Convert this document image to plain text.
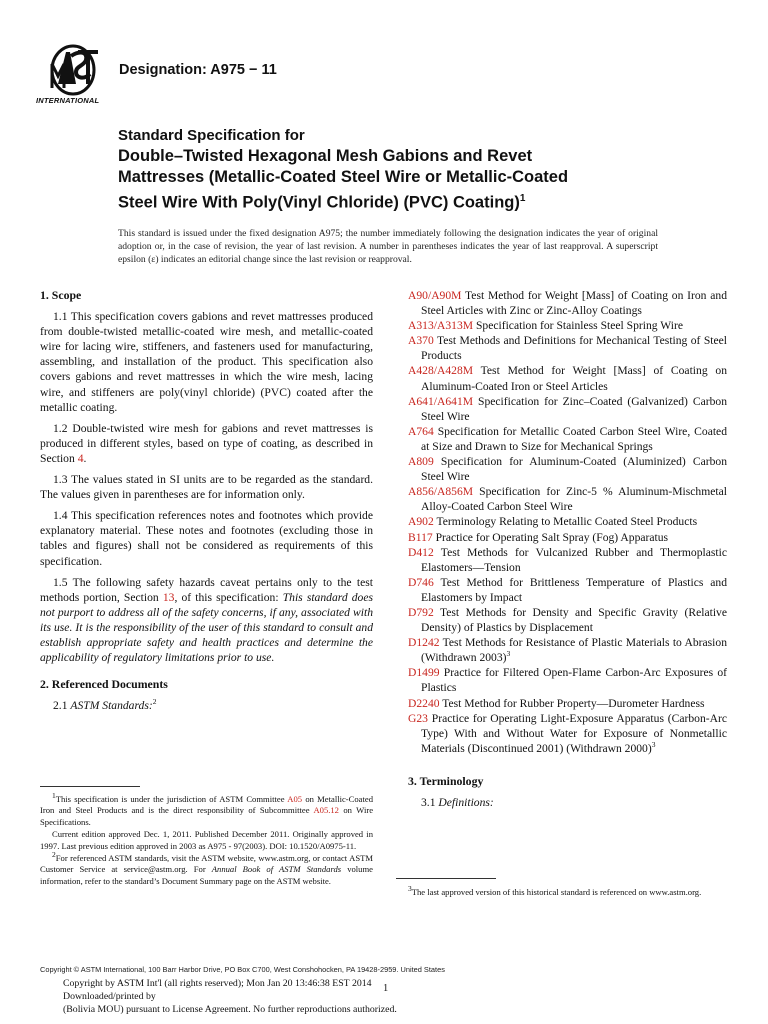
INTERNATIONAL
Designation: A975 − 11
Standard Specification for
Double–Twisted Hexagonal Mesh Gabions and Revet
Mattresses (Metallic-Coated Steel Wire or Metallic-Coated
Steel Wire With Poly(Vinyl Chloride) (PVC) Coating)$^1$
This standard is issued under the fixed designation A975; the number immediately following the designation indicates the year of original adoption or, in the case of revision, the year of last revision. A number in parentheses indicates the year of last reapproval. A superscript epsilon (ε) indicates an editorial change since the last revision or reapproval.
1. Scope

1.1 This specification covers gabions and revet mattresses produced from double-twisted metallic-coated wire mesh, and metallic-coated wire for lacing wire, stiffeners, and fasteners used for manufacturing, assembling, and installation of the product. This specification also covers gabions and revet mattresses in which the wire mesh, lacing wire, and stiffeners are poly(vinyl chloride) (PVC) coated after the metallic coating.

1.2 Double-twisted wire mesh for gabions and revet mattresses is produced in different styles, based on type of coating, as described in Section 4.

1.3 The values stated in SI units are to be regarded as the standard. The values given in parentheses are for information only.

1.4 This specification references notes and footnotes which provide explanatory material. These notes and footnotes (excluding those in tables and figures) shall not be considered as requirements of this specification.

1.5 The following safety hazards caveat pertains only to the test methods portion, Section 13, of this specification: This standard does not purport to address all of the safety concerns, if any, associated with its use. It is the responsibility of the user of this standard to consult and establish appropriate safety and health practices and determine the applicability of regulatory limitations prior to use.

2. Referenced Documents

2.1 ASTM Standards:$^2$

1This specification is under the jurisdiction of ASTM Committee A05 on Metallic-Coated Iron and Steel Products and is the direct responsibility of Subcommittee A05.12 on Wire Specifications.
Current edition approved Dec. 1, 2011. Published December 2011. Originally approved in 1997. Last previous edition approved in 2003 as A975 - 97(2003). DOI: 10.1520/A0975-11.
2For referenced ASTM standards, visit the ASTM website, www.astm.org, or contact ASTM Customer Service at service@astm.org. For Annual Book of ASTM Standards volume information, refer to the standard’s Document Summary page on the ASTM website.
A90/A90M Test Method for Weight [Mass] of Coating on Iron and Steel Articles with Zinc or Zinc-Alloy Coatings
A313/A313M Specification for Stainless Steel Spring Wire
A370 Test Methods and Definitions for Mechanical Testing of Steel Products
A428/A428M Test Method for Weight [Mass] of Coating on Aluminum-Coated Iron or Steel Articles
A641/A641M Specification for Zinc–Coated (Galvanized) Carbon Steel Wire
A764 Specification for Metallic Coated Carbon Steel Wire, Coated at Size and Drawn to Size for Mechanical Springs
A809 Specification for Aluminum-Coated (Aluminized) Carbon Steel Wire
A856/A856M Specification for Zinc-5 % Aluminum-Mischmetal Alloy-Coated Carbon Steel Wire
A902 Terminology Relating to Metallic Coated Steel Products
B117 Practice for Operating Salt Spray (Fog) Apparatus
D412 Test Methods for Vulcanized Rubber and Thermoplastic Elastomers—Tension
D746 Test Method for Brittleness Temperature of Plastics and Elastomers by Impact
D792 Test Methods for Density and Specific Gravity (Relative Density) of Plastics by Displacement
D1242 Test Methods for Resistance of Plastic Materials to Abrasion (Withdrawn 2003)$^3$
D1499 Practice for Filtered Open-Flame Carbon-Arc Exposures of Plastics
D2240 Test Method for Rubber Property—Durometer Hardness
G23 Practice for Operating Light-Exposure Apparatus (Carbon-Arc Type) With and Without Water for Exposure of Nonmetallic Materials (Discontinued 2001) (Withdrawn 2000)$^3$
3. Terminology

3.1 Definitions:

3The last approved version of this historical standard is referenced on www.astm.org.
Copyright © ASTM International, 100 Barr Harbor Drive, PO Box C700, West Conshohocken, PA 19428-2959. United States
Copyright by ASTM Int'l (all rights reserved); Mon Jan 20 13:46:38 EST 2014
Downloaded/printed by
(Bolivia MOU) pursuant to License Agreement. No further reproductions authorized.
1
